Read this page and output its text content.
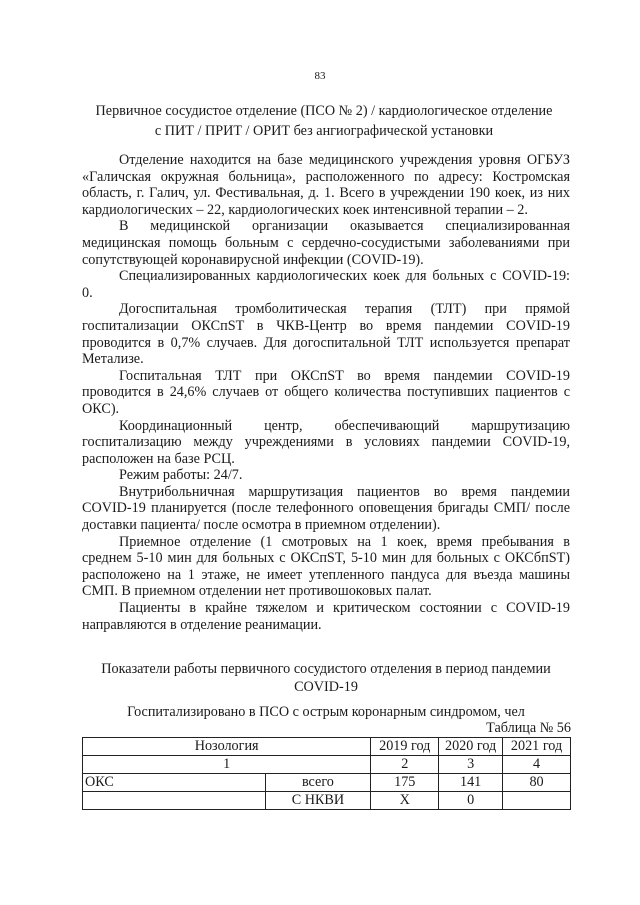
83
Первичное сосудистое отделение (ПСО № 2) / кардиологическое отделение
с ПИТ / ПРИТ / ОРИТ без ангиографической установки

Отделение находится на базе медицинского учреждения уровня ОГБУЗ «Галичская окружная больница», расположенного по адресу: Костромская область, г. Галич, ул. Фестивальная, д. 1. Всего в учреждении 190 коек, из них кардиологических – 22, кардиологических коек интенсивной терапии – 2.

В медицинской организации оказывается специализированная медицинская помощь больным с сердечно-сосудистыми заболеваниями при сопутствующей коронавирусной инфекции (COVID-19).

Специализированных кардиологических коек для больных с COVID-19: 0.

Догоспитальная тромболитическая терапия (ТЛТ) при прямой госпитализации ОКСпST в ЧКВ-Центр во время пандемии COVID-19 проводится в 0,7% случаев. Для догоспитальной ТЛТ используется препарат Метализе.

Госпитальная ТЛТ при ОКСпST во время пандемии COVID-19 проводится в 24,6% случаев от общего количества поступивших пациентов с ОКС).

Координационный центр, обеспечивающий маршрутизацию госпитализацию между учреждениями в условиях пандемии COVID-19, расположен на базе РСЦ.

Режим работы: 24/7.

Внутрибольничная маршрутизация пациентов во время пандемии COVID-19 планируется (после телефонного оповещения бригады СМП/ после доставки пациента/ после осмотра в приемном отделении).

Приемное отделение (1 смотровых на 1 коек, время пребывания в среднем 5-10 мин для больных с ОКСпST, 5-10 мин для больных с ОКСбпST) расположено на 1 этаже, не имеет утепленного пандуса для въезда машины СМП. В приемном отделении нет противошоковых палат.

Пациенты в крайне тяжелом и критическом состоянии с COVID-19 направляются в отделение реанимации.

Показатели работы первичного сосудистого отделения в период пандемии
COVID-19
Госпитализировано в ПСО с острым коронарным синдромом, чел
Таблица № 56
Нозология		2019 год	2020 год	2021 год
1		2	3	4
ОКС	всего	175	141	80
	С НКВИ	Х	0	
